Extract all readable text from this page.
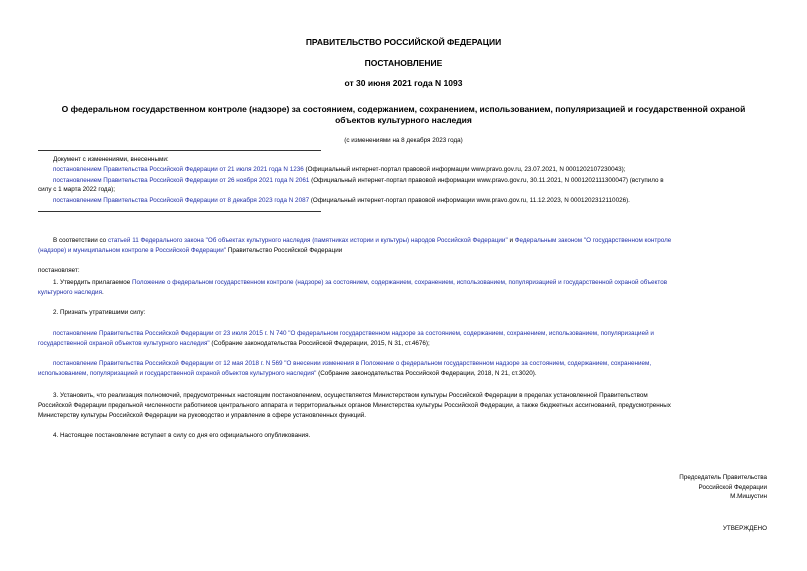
ПРАВИТЕЛЬСТВО РОССИЙСКОЙ ФЕДЕРАЦИИ
ПОСТАНОВЛЕНИЕ
от 30 июня 2021 года N 1093
О федеральном государственном контроле (надзоре) за состоянием, содержанием, сохранением, использованием, популяризацией и государственной охраной
объектов культурного наследия
(с изменениями на 8 декабря 2023 года)
Документ с изменениями, внесенными:
постановлением Правительства Российской Федерации от 21 июля 2021 года N 1236 (Официальный интернет-портал правовой информации www.pravo.gov.ru, 23.07.2021, N 0001202107230043);
постановлением Правительства Российской Федерации от 26 ноября 2021 года N 2061 (Официальный интернет-портал правовой информации www.pravo.gov.ru, 30.11.2021, N 0001202111300047) (вступило в
силу с 1 марта 2022 года);
постановлением Правительства Российской Федерации от 8 декабря 2023 года N 2087 (Официальный интернет-портал правовой информации www.pravo.gov.ru, 11.12.2023, N 0001202312110026).
В соответствии со статьей 11 Федерального закона "Об объектах культурного наследия (памятниках истории и культуры) народов Российской Федерации" и Федеральным законом "О государственном контроле
(надзоре) и муниципальном контроле в Российской Федерации" Правительство Российской Федерации
постановляет:
1. Утвердить прилагаемое Положение о федеральном государственном контроле (надзоре) за состоянием, содержанием, сохранением, использованием, популяризацией и государственной охраной объектов
культурного наследия.
2. Признать утратившими силу:
постановление Правительства Российской Федерации от 23 июля 2015 г. N 740 "О федеральном государственном надзоре за состоянием, содержанием, сохранением, использованием, популяризацией и
государственной охраной объектов культурного наследия" (Собрание законодательства Российской Федерации, 2015, N 31, ст.4676);
постановление Правительства Российской Федерации от 12 мая 2018 г. N 569 "О внесении изменения в Положение о федеральном государственном надзоре за состоянием, содержанием, сохранением,
использованием, популяризацией и государственной охраной объектов культурного наследия" (Собрание законодательства Российской Федерации, 2018, N 21, ст.3020).
3. Установить, что реализация полномочий, предусмотренных настоящим постановлением, осуществляется Министерством культуры Российской Федерации в пределах установленной Правительством
Российской Федерации предельной численности работников центрального аппарата и территориальных органов Министерства культуры Российской Федерации, а также бюджетных ассигнований, предусмотренных
Министерству культуры Российской Федерации на руководство и управление в сфере установленных функций.
4. Настоящее постановление вступает в силу со дня его официального опубликования.
Председатель Правительства
Российской Федерации
М.Мишустин
УТВЕРЖДЕНО
